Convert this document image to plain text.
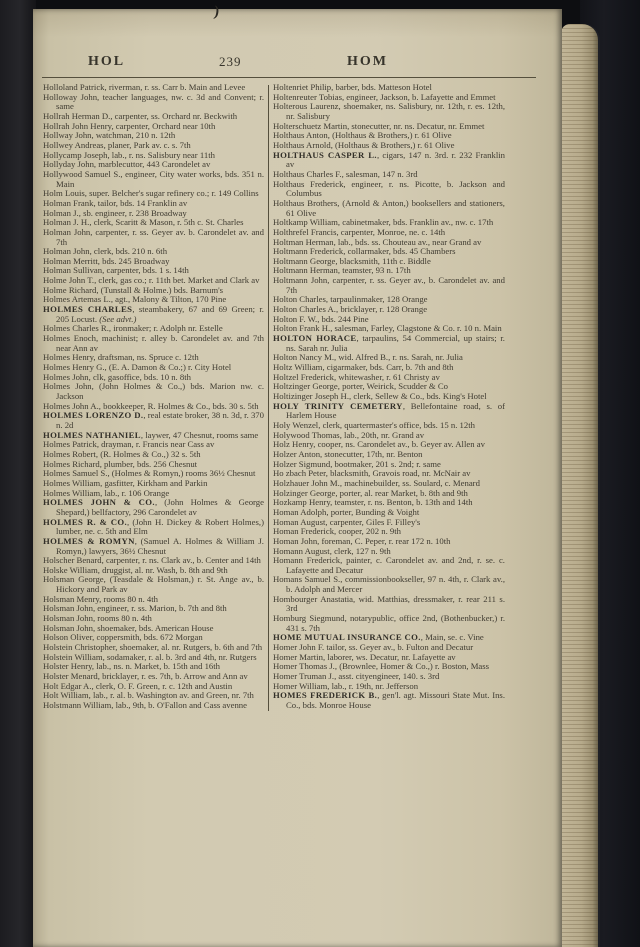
)
HOL	239	HOM
Holloland Patrick, riverman, r. ss. Carr b. Main and Levee
Holloway John, teacher languages, nw. c. 3d and Convent; r. same
Hollrah Herman D., carpenter, ss. Orchard nr. Beckwith
Hollrah John Henry, carpenter, Orchard near 10th
Hollway John, watchman, 210 n. 12th
Hollwey Andreas, planer, Park av. c. s. 7th
Hollycamp Joseph, lab., r. ns. Salisbury near 11th
Hollyday John, marblecuttor, 443 Carondelet av
Hollywood Samuel S., engineer, City water works, bds. 351 n. Main
Holm Louis, super. Belcher's sugar refinery co.; r. 149 Collins
Holman Frank, tailor, bds. 14 Franklin av
Holman J., sb. engineer, r. 238 Broadway
Holman J. H., clerk, Scaritt & Mason, r. 5th c. St. Charles
Holman John, carpenter, r. ss. Geyer av. b. Carondelet av. and 7th
Holman John, clerk, bds. 210 n. 6th
Holman Merritt, bds. 245 Broadway
Holman Sullivan, carpenter, bds. 1 s. 14th
Holme John T., clerk, gas co.; r. 11th bet. Market and Clark av
Holme Richard, (Tunstall & Holme.) bds. Barnum's
Holmes Artemas L., agt., Malony & Tilton, 170 Pine
HOLMES CHARLES, steambakery, 67 and 69 Green; r. 205 Locust. (See advt.)
Holmes Charles R., ironmaker; r. Adolph nr. Estelle
Holmes Enoch, machinist; r. alley b. Carondelet av. and 7th near Ann av
Holmes Henry, draftsman, ns. Spruce c. 12th
Holmes Henry G., (E. A. Damon & Co.;) r. City Hotel
Holmes John, clk, gasoffice, bds. 10 n. 8th
Holmes John, (John Holmes & Co.,) bds. Marion nw. c. Jackson
Holmes John A., bookkeeper, R. Holmes & Co., bds. 30 s. 5th
HOLMES LORENZO D., real estate broker, 38 n. 3d, r. 370 n. 2d
HOLMES NATHANIEL, laywer, 47 Chesnut, rooms same
Holmes Patrick, drayman, r. Francis near Cass av
Holmes Robert, (R. Holmes & Co.,) 32 s. 5th
Holmes Richard, plumber, bds. 256 Chesnut
Holmes Samuel S., (Holmes & Romyn,) rooms 36½ Chesnut
Holmes William, gasfitter, Kirkham and Parkin
Holmes William, lab., r. 106 Orange
HOLMES JOHN & CO., (John Holmes & George Shepard,) bellfactory, 296 Carondelet av
HOLMES R. & CO., (John H. Dickey & Robert Holmes,) lumber, ne. c. 5th and Elm
HOLMES & ROMYN, (Samuel A. Holmes & William J. Romyn,) lawyers, 36½ Chesnut
Holscher Benard, carpenter, r. ns. Clark av., b. Center and 14th
Holske William, druggist, al. nr. Wash, b. 8th and 9th
Holsman George, (Teasdale & Holsman,) r. St. Ange av., b. Hickory and Park av
Holsman Menry, rooms 80 n. 4th
Holsman John, engineer, r. ss. Marion, b. 7th and 8th
Holsman John, rooms 80 n. 4th
Holsman John, shoemaker, bds. American House
Holson Oliver, coppersmith, bds. 672 Morgan
Holstein Christopher, shoemaker, al. nr. Rutgers, b. 6th and 7th
Holstein William, sodamaker, r. al. b. 3rd and 4th, nr. Rutgers
Holster Henry, lab., ns. n. Market, b. 15th and 16th
Holster Menard, bricklayer, r. es. 7th, b. Arrow and Ann av
Holt Edgar A., clerk, O. F. Green, r. c. 12th and Austin
Holt William, lab., r. al. b. Washington av. and Green, nr. 7th
Holstmann William, lab., 9th, b. O'Fallon and Cass avenne
Holtenriet Philip, barber, bds. Matteson Hotel
Holtenreuter Tobias, engineer, Jackson, b. Lafayette and Emmet
Holterous Laurenz, shoemaker, ns. Salisbury, nr. 12th, r. es. 12th, nr. Salisbury
Holterschuetz Martin, stonecutter, nr. ns. Decatur, nr. Emmet
Holthaus Anton, (Holthaus & Brothers,) r. 61 Olive
Holthaus Arnold, (Holthaus & Brothers,) r. 61 Olive
HOLTHAUS CASPER L., cigars, 147 n. 3rd. r. 232 Franklin av
Holthaus Charles F., salesman, 147 n. 3rd
Holthaus Frederick, engineer, r. ns. Picotte, b. Jackson and Columbus
Holthaus Brothers, (Arnold & Anton,) booksellers and stationers, 61 Olive
Holtkamp William, cabinetmaker, bds. Franklin av., nw. c. 17th
Holthrefel Francis, carpenter, Monroe, ne. c. 14th
Holtman Herman, lab., bds. ss. Chouteau av., near Grand av
Holtmann Frederick, collarmaker, bds. 45 Chambers
Holtmann George, blacksmith, 11th c. Biddle
Holtmann Herman, teamster, 93 n. 17th
Holtmann John, carpenter, r. ss. Geyer av., b. Carondelet av. and 7th
Holton Charles, tarpaulinmaker, 128 Orange
Holton Charles A., bricklayer, r. 128 Orange
Holton F. W., bds. 244 Pine
Holton Frank H., salesman, Farley, Clagstone & Co. r. 10 n. Main
HOLTON HORACE, tarpaulins, 54 Commercial, up stairs; r. ns. Sarah nr. Julia
Holton Nancy M., wid. Alfred B., r. ns. Sarah, nr. Julia
Holtz William, cigarmaker, bds. Carr, b. 7th and 8th
Holtzel Frederick, whitewasher, r. 61 Christy av
Holtzinger George, porter, Weirick, Scudder & Co
Holtizinger Joseph H., clerk, Sellew & Co., bds. King's Hotel
HOLY TRINITY CEMETERY, Bellefontaine road, s. of Harlem House
Holy Wenzel, clerk, quartermaster's office, bds. 15 n. 12th
Holywood Thomas, lab., 20th, nr. Grand av
Holz Henry, cooper, ns. Carondelet av., b. Geyer av. Allen av
Holzer Anton, stonecutter, 17th, nr. Benton
Holzer Sigmund, bootmaker, 201 s. 2nd; r. same
Ho zbach Peter, blacksmith, Gravois road, nr. McNair av
Holzhauer John M., machinebuilder, ss. Soulard, c. Menard
Holzinger George, porter, al. rear Market, b. 8th and 9th
Hozkamp Henry, teamster, r. ns. Benton, b. 13th and 14th
Homan Adolph, porter, Bunding & Voight
Homan August, carpenter, Giles F. Filley's
Homan Frederick, cooper, 202 n. 9th
Homan John, foreman, C. Peper, r. rear 172 n. 10th
Homann August, clerk, 127 n. 9th
Homann Frederick, painter, c. Carondelet av. and 2nd, r. se. c. Lafayette and Decatur
Homans Samuel S., commissionbookseller, 97 n. 4th, r. Clark av., b. Adolph and Mercer
Hombourger Anastatia, wid. Matthias, dressmaker, r. rear 211 s. 3rd
Homburg Siegmund, notarypublic, office 2nd, (Bothenbucker,) r. 431 s. 7th
HOME MUTUAL INSURANCE CO., Main, se. c. Vine
Homer John F. tailor, ss. Geyer av., b. Fulton and Decatur
Homer Martin, laborer, ws. Decatur, nr. Lafayette av
Homer Thomas J., (Brownlee, Homer & Co.,) r. Boston, Mass
Homer Truman J., asst. cityengineer, 140. s. 3rd
Homer William, lab., r. 19th, nr. Jefferson
HOMES FREDERICK B., gen'l. agt. Missouri State Mut. Ins. Co., bds. Monroe House
